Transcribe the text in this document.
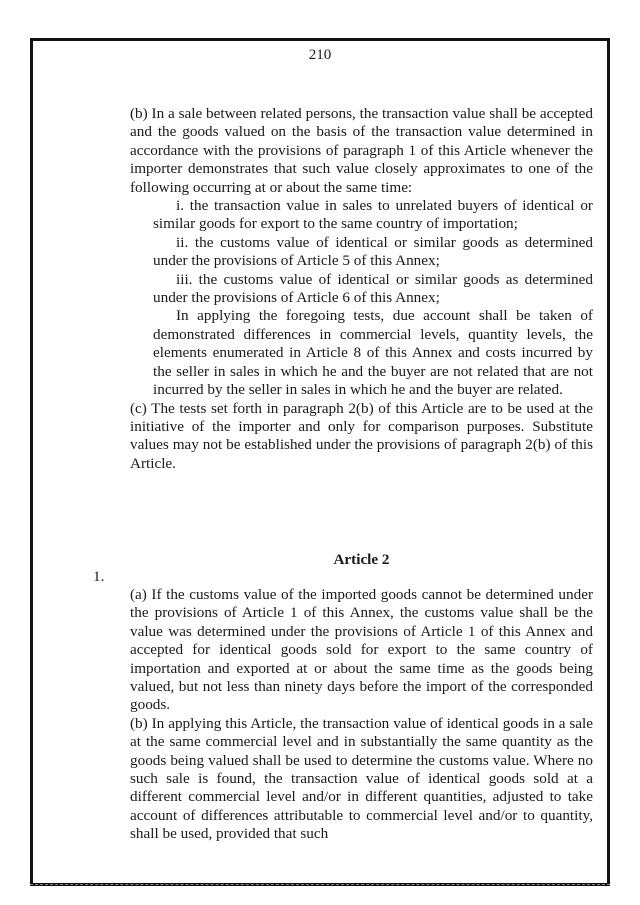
210

(b) In a sale between related persons, the transaction value shall be accepted and the goods valued on the basis of the transaction value determined in accordance with the provisions of paragraph 1 of this Article whenever the importer demonstrates that such value closely approximates to one of the following occurring at or about the same time:

i. the transaction value in sales to unrelated buyers of identical or similar goods for export to the same country of importation;

ii. the customs value of identical or similar goods as determined under the provisions of Article 5 of this Annex;

iii. the customs value of identical or similar goods as determined under the provisions of Article 6 of this Annex;

In applying the foregoing tests, due account shall be taken of demonstrated differences in commercial levels, quantity levels, the elements enumerated in Article 8 of this Annex and costs incurred by the seller in sales in which he and the buyer are not related that are not incurred by the seller in sales in which he and the buyer are related.

(c) The tests set forth in paragraph 2(b) of this Article are to be used at the initiative of the importer and only for comparison purposes. Substitute values may not be established under the provisions of paragraph 2(b) of this Article.

Article 2
1.

(a) If the customs value of the imported goods cannot be determined under the provisions of Article 1 of this Annex, the customs value shall be the value was determined under the provisions of Article 1 of this Annex and accepted for identical goods sold for export to the same country of importation and exported at or about the same time as the goods being valued, but not less than ninety days before the import of the corresponded goods.

(b) In applying this Article, the transaction value of identical goods in a sale at the same commercial level and in substantially the same quantity as the goods being valued shall be used to determine the customs value. Where no such sale is found, the transaction value of identical goods sold at a different commercial level and/or in different quantities, adjusted to take account of differences attributable to commercial level and/or to quantity, shall be used, provided that such
